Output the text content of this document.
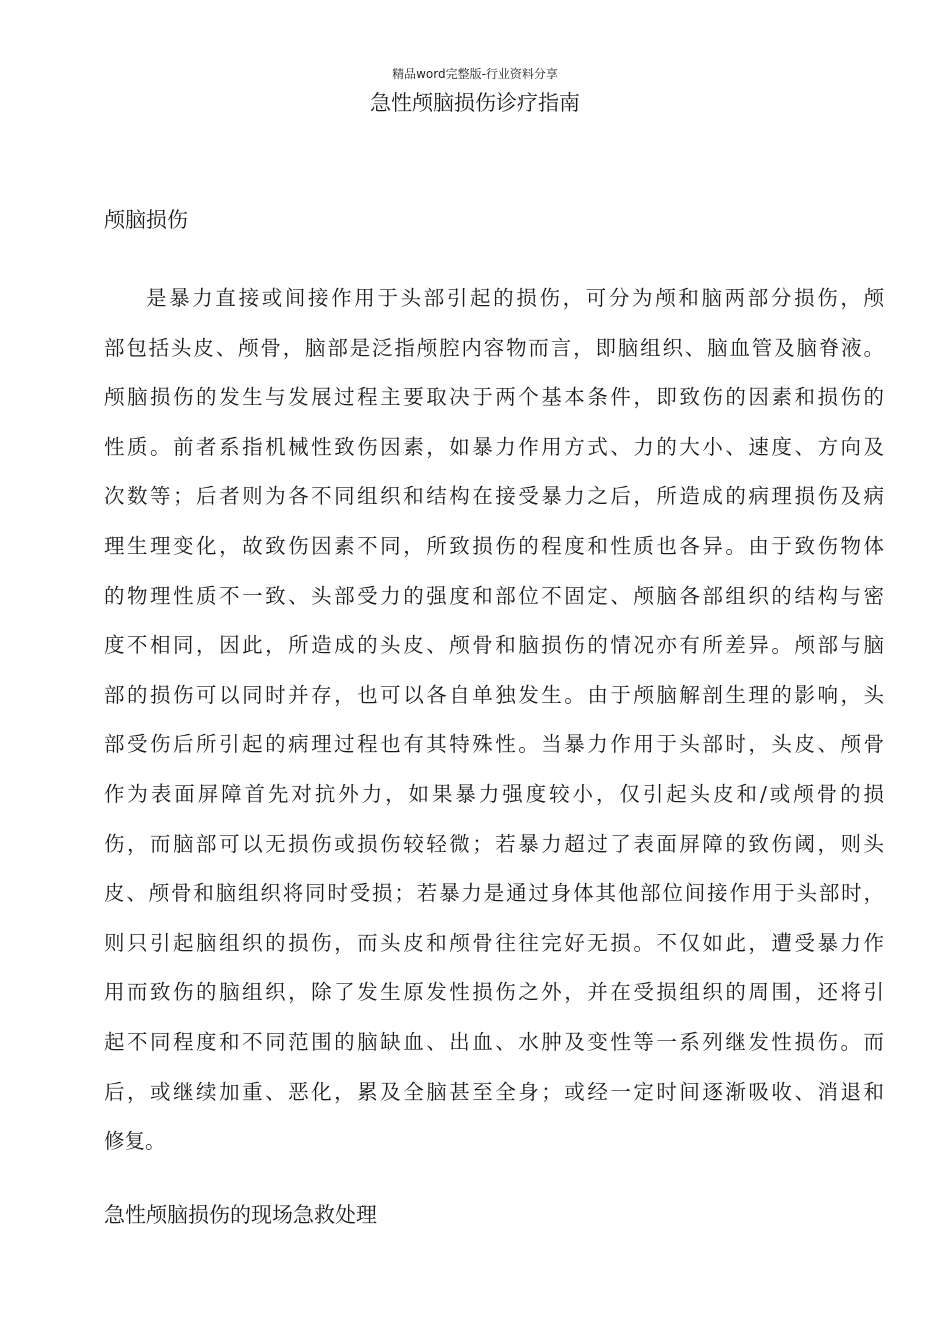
精品word完整版-行业资料分享
急性颅脑损伤诊疗指南
颅脑损伤
是暴力直接或间接作用于头部引起的损伤，可分为颅和脑两部分损伤，颅
部包括头皮、颅骨，脑部是泛指颅腔内容物而言，即脑组织、脑血管及脑脊液。
颅脑损伤的发生与发展过程主要取决于两个基本条件，即致伤的因素和损伤的
性质。前者系指机械性致伤因素，如暴力作用方式、力的大小、速度、方向及
次数等；后者则为各不同组织和结构在接受暴力之后，所造成的病理损伤及病
理生理变化，故致伤因素不同，所致损伤的程度和性质也各异。由于致伤物体
的物理性质不一致、头部受力的强度和部位不固定、颅脑各部组织的结构与密
度不相同，因此，所造成的头皮、颅骨和脑损伤的情况亦有所差异。颅部与脑
部的损伤可以同时并存，也可以各自单独发生。由于颅脑解剖生理的影响，头
部受伤后所引起的病理过程也有其特殊性。当暴力作用于头部时，头皮、颅骨
作为表面屏障首先对抗外力，如果暴力强度较小，仅引起头皮和/或颅骨的损
伤，而脑部可以无损伤或损伤较轻微；若暴力超过了表面屏障的致伤阈，则头
皮、颅骨和脑组织将同时受损；若暴力是通过身体其他部位间接作用于头部时，
则只引起脑组织的损伤，而头皮和颅骨往往完好无损。不仅如此，遭受暴力作
用而致伤的脑组织，除了发生原发性损伤之外，并在受损组织的周围，还将引
起不同程度和不同范围的脑缺血、出血、水肿及变性等一系列继发性损伤。而
后，或继续加重、恶化，累及全脑甚至全身；或经一定时间逐渐吸收、消退和
修复。
急性颅脑损伤的现场急救处理
